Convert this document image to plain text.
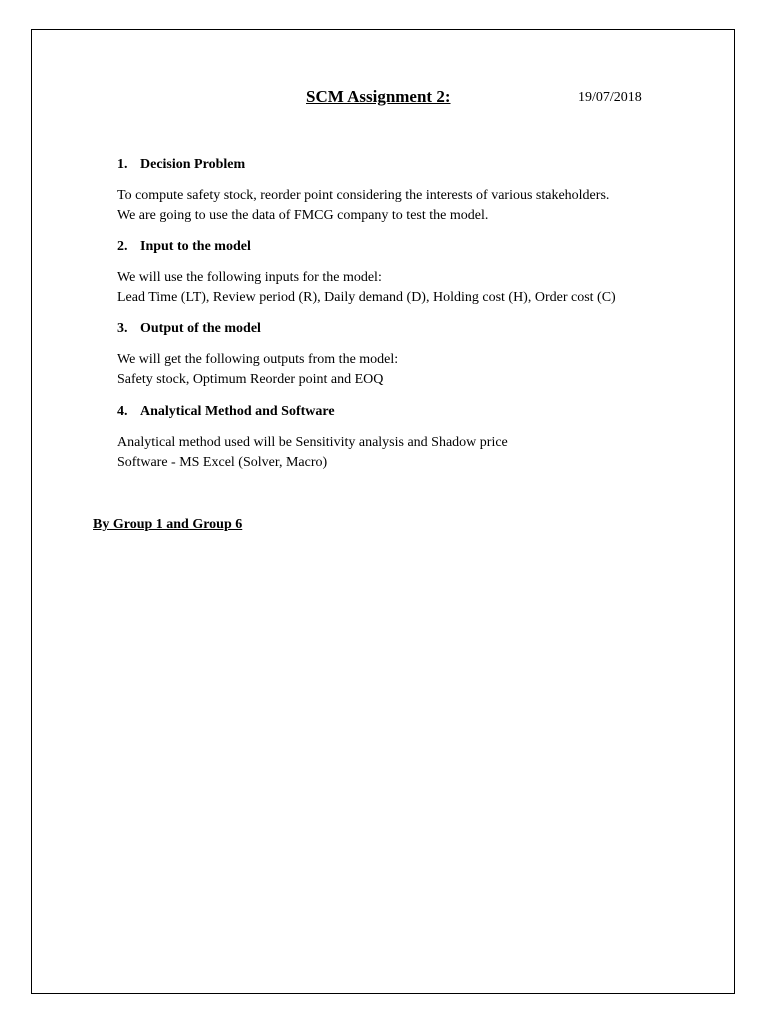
SCM Assignment 2:	19/07/2018
1. Decision Problem
To compute safety stock, reorder point considering the interests of various stakeholders.
We are going to use the data of FMCG company to test the model.
2. Input to the model
We will use the following inputs for the model:
Lead Time (LT), Review period (R), Daily demand (D), Holding cost (H), Order cost (C)
3. Output of the model
We will get the following outputs from the model:
Safety stock, Optimum Reorder point and EOQ
4. Analytical Method and Software
Analytical method used will be Sensitivity analysis and Shadow price
Software - MS Excel (Solver, Macro)
By Group 1 and Group 6
